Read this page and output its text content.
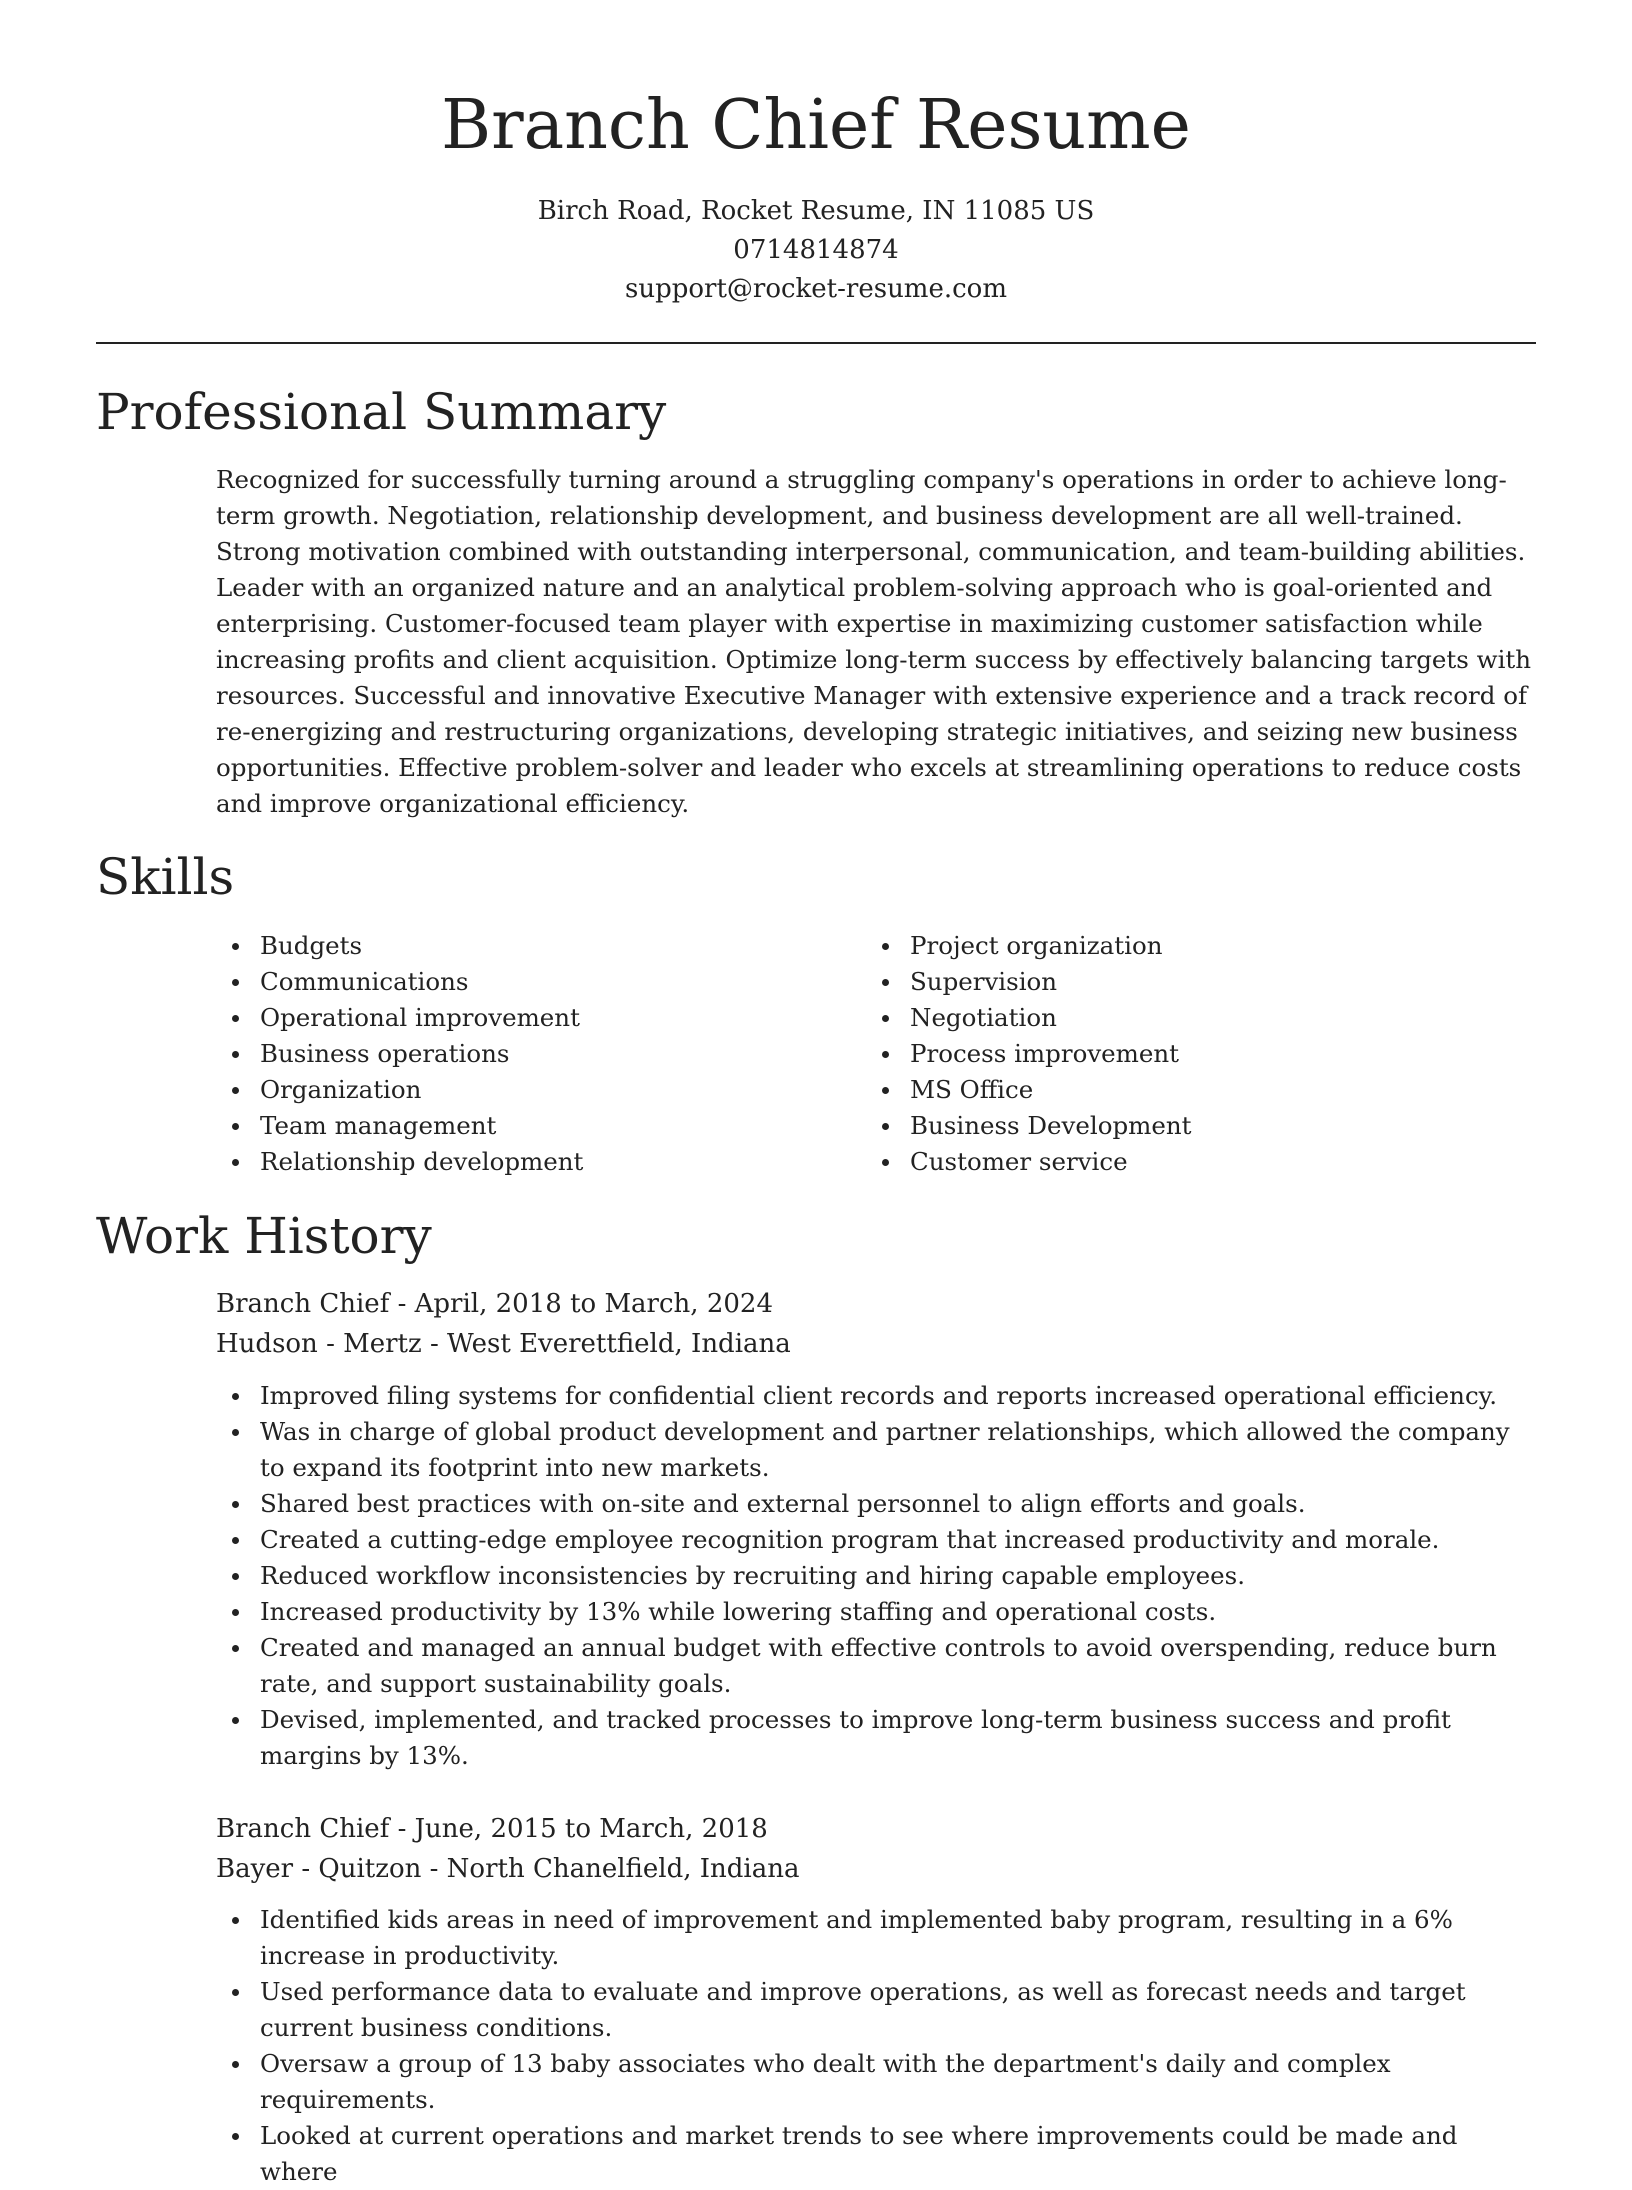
Branch Chief Resume
Birch Road, Rocket Resume, IN 11085 US
0714814874
support@rocket-resume.com
Professional Summary

Recognized for successfully turning around a struggling company's operations in order to achieve long-term growth. Negotiation, relationship development, and business development are all well-trained. Strong motivation combined with outstanding interpersonal, communication, and team-building abilities. Leader with an organized nature and an analytical problem-solving approach who is goal-oriented and enterprising. Customer-focused team player with expertise in maximizing customer satisfaction while increasing profits and client acquisition. Optimize long-term success by effectively balancing targets with resources. Successful and innovative Executive Manager with extensive experience and a track record of re-energizing and restructuring organizations, developing strategic initiatives, and seizing new business opportunities. Effective problem-solver and leader who excels at streamlining operations to reduce costs and improve organizational efficiency.

Skills
Budgets
Communications
Operational improvement
Business operations
Organization
Team management
Relationship development
Project organization
Supervision
Negotiation
Process improvement
MS Office
Business Development
Customer service
Work History
Branch Chief - April, 2018 to March, 2024
Hudson - Mertz - West Everettfield, Indiana
Improved filing systems for confidential client records and reports increased operational efficiency.
Was in charge of global product development and partner relationships, which allowed the company to expand its footprint into new markets.
Shared best practices with on-site and external personnel to align efforts and goals.
Created a cutting-edge employee recognition program that increased productivity and morale.
Reduced workflow inconsistencies by recruiting and hiring capable employees.
Increased productivity by 13% while lowering staffing and operational costs.
Created and managed an annual budget with effective controls to avoid overspending, reduce burn rate, and support sustainability goals.
Devised, implemented, and tracked processes to improve long-term business success and profit margins by 13%.
Branch Chief - June, 2015 to March, 2018
Bayer - Quitzon - North Chanelfield, Indiana
Identified kids areas in need of improvement and implemented baby program, resulting in a 6% increase in productivity.
Used performance data to evaluate and improve operations, as well as forecast needs and target current business conditions.
Oversaw a group of 13 baby associates who dealt with the department's daily and complex requirements.
Looked at current operations and market trends to see where improvements could be made and where
